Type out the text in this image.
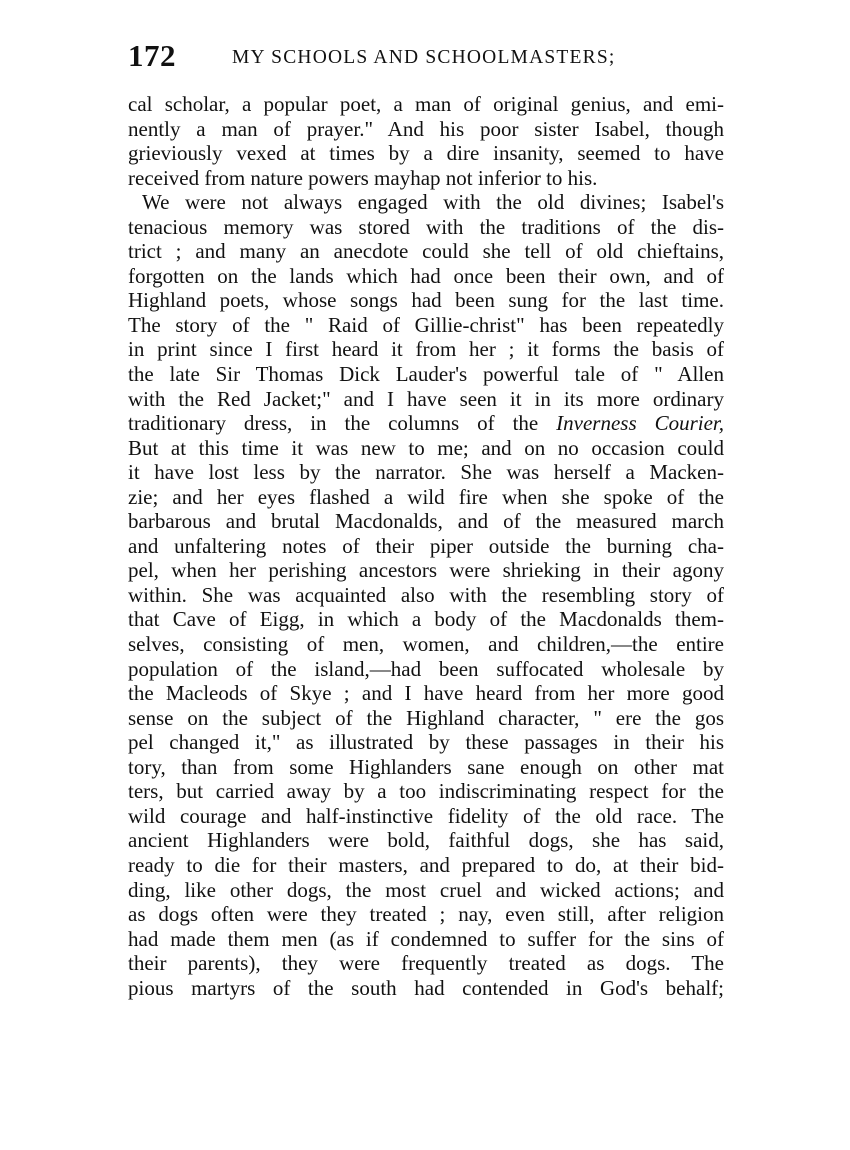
172	MY SCHOOLS AND SCHOOLMASTERS;
cal scholar, a popular poet, a man of original genius, and emi-
nently a man of prayer." And his poor sister Isabel, though
grieviously vexed at times by a dire insanity, seemed to have
received from nature powers mayhap not inferior to his.
We were not always engaged with the old divines; Isabel's
tenacious memory was stored with the traditions of the dis-
trict ; and many an anecdote could she tell of old chieftains,
forgotten on the lands which had once been their own, and of
Highland poets, whose songs had been sung for the last time.
The story of the " Raid of Gillie-christ" has been repeatedly
in print since I first heard it from her ; it forms the basis of
the late Sir Thomas Dick Lauder's powerful tale of " Allen
with the Red Jacket;" and I have seen it in its more ordinary
traditionary dress, in the columns of the Inverness Courier,
But at this time it was new to me; and on no occasion could
it have lost less by the narrator. She was herself a Macken-
zie; and her eyes flashed a wild fire when she spoke of the
barbarous and brutal Macdonalds, and of the measured march
and unfaltering notes of their piper outside the burning cha-
pel, when her perishing ancestors were shrieking in their agony
within. She was acquainted also with the resembling story of
that Cave of Eigg, in which a body of the Macdonalds them-
selves, consisting of men, women, and children,—the entire
population of the island,—had been suffocated wholesale by
the Macleods of Skye ; and I have heard from her more good
sense on the subject of the Highland character, " ere the gos
pel changed it," as illustrated by these passages in their his
tory, than from some Highlanders sane enough on other mat
ters, but carried away by a too indiscriminating respect for the
wild courage and half-instinctive fidelity of the old race. The
ancient Highlanders were bold, faithful dogs, she has said,
ready to die for their masters, and prepared to do, at their bid-
ding, like other dogs, the most cruel and wicked actions; and
as dogs often were they treated ; nay, even still, after religion
had made them men (as if condemned to suffer for the sins of
their parents), they were frequently treated as dogs. The
pious martyrs of the south had contended in God's behalf;
